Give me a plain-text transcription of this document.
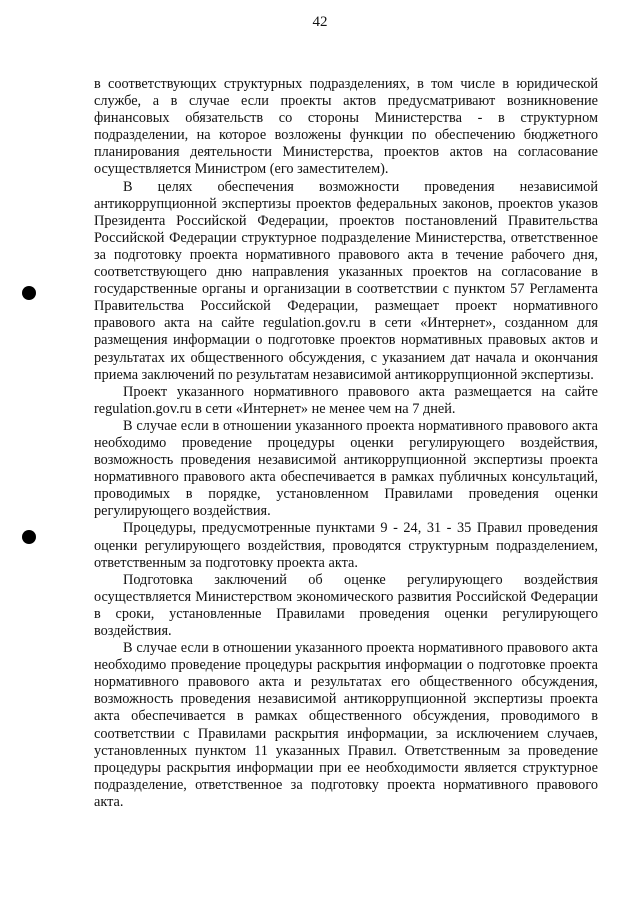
42

в соответствующих структурных подразделениях, в том числе в юридической службе, а в случае если проекты актов предусматривают возникновение финансовых обязательств со стороны Министерства - в структурном подразделении, на которое возложены функции по обеспечению бюджетного планирования деятельности Министерства, проектов актов на согласование осуществляется Министром (его заместителем).

В целях обеспечения возможности проведения независимой антикоррупционной экспертизы проектов федеральных законов, проектов указов Президента Российской Федерации, проектов постановлений Правительства Российской Федерации структурное подразделение Министерства, ответственное за подготовку проекта нормативного правового акта в течение рабочего дня, соответствующего дню направления указанных проектов на согласование в государственные органы и организации в соответствии с пунктом 57 Регламента Правительства Российской Федерации, размещает проект нормативного правового акта на сайте regulation.gov.ru в сети «Интернет», созданном для размещения информации о подготовке проектов нормативных правовых актов и результатах их общественного обсуждения, с указанием дат начала и окончания приема заключений по результатам независимой антикоррупционной экспертизы.

Проект указанного нормативного правового акта размещается на сайте regulation.gov.ru в сети «Интернет» не менее чем на 7 дней.

В случае если в отношении указанного проекта нормативного правового акта необходимо проведение процедуры оценки регулирующего воздействия, возможность проведения независимой антикоррупционной экспертизы проекта нормативного правового акта обеспечивается в рамках публичных консультаций, проводимых в порядке, установленном Правилами проведения оценки регулирующего воздействия.

Процедуры, предусмотренные пунктами 9 - 24, 31 - 35 Правил проведения оценки регулирующего воздействия, проводятся структурным подразделением, ответственным за подготовку проекта акта.

Подготовка заключений об оценке регулирующего воздействия осуществляется Министерством экономического развития Российской Федерации в сроки, установленные Правилами проведения оценки регулирующего воздействия.

В случае если в отношении указанного проекта нормативного правового акта необходимо проведение процедуры раскрытия информации о подготовке проекта нормативного правового акта и результатах его общественного обсуждения, возможность проведения независимой антикоррупционной экспертизы проекта акта обеспечивается в рамках общественного обсуждения, проводимого в соответствии с Правилами раскрытия информации, за исключением случаев, установленных пунктом 11 указанных Правил. Ответственным за проведение процедуры раскрытия информации при ее необходимости является структурное подразделение, ответственное за подготовку проекта нормативного правового акта.
